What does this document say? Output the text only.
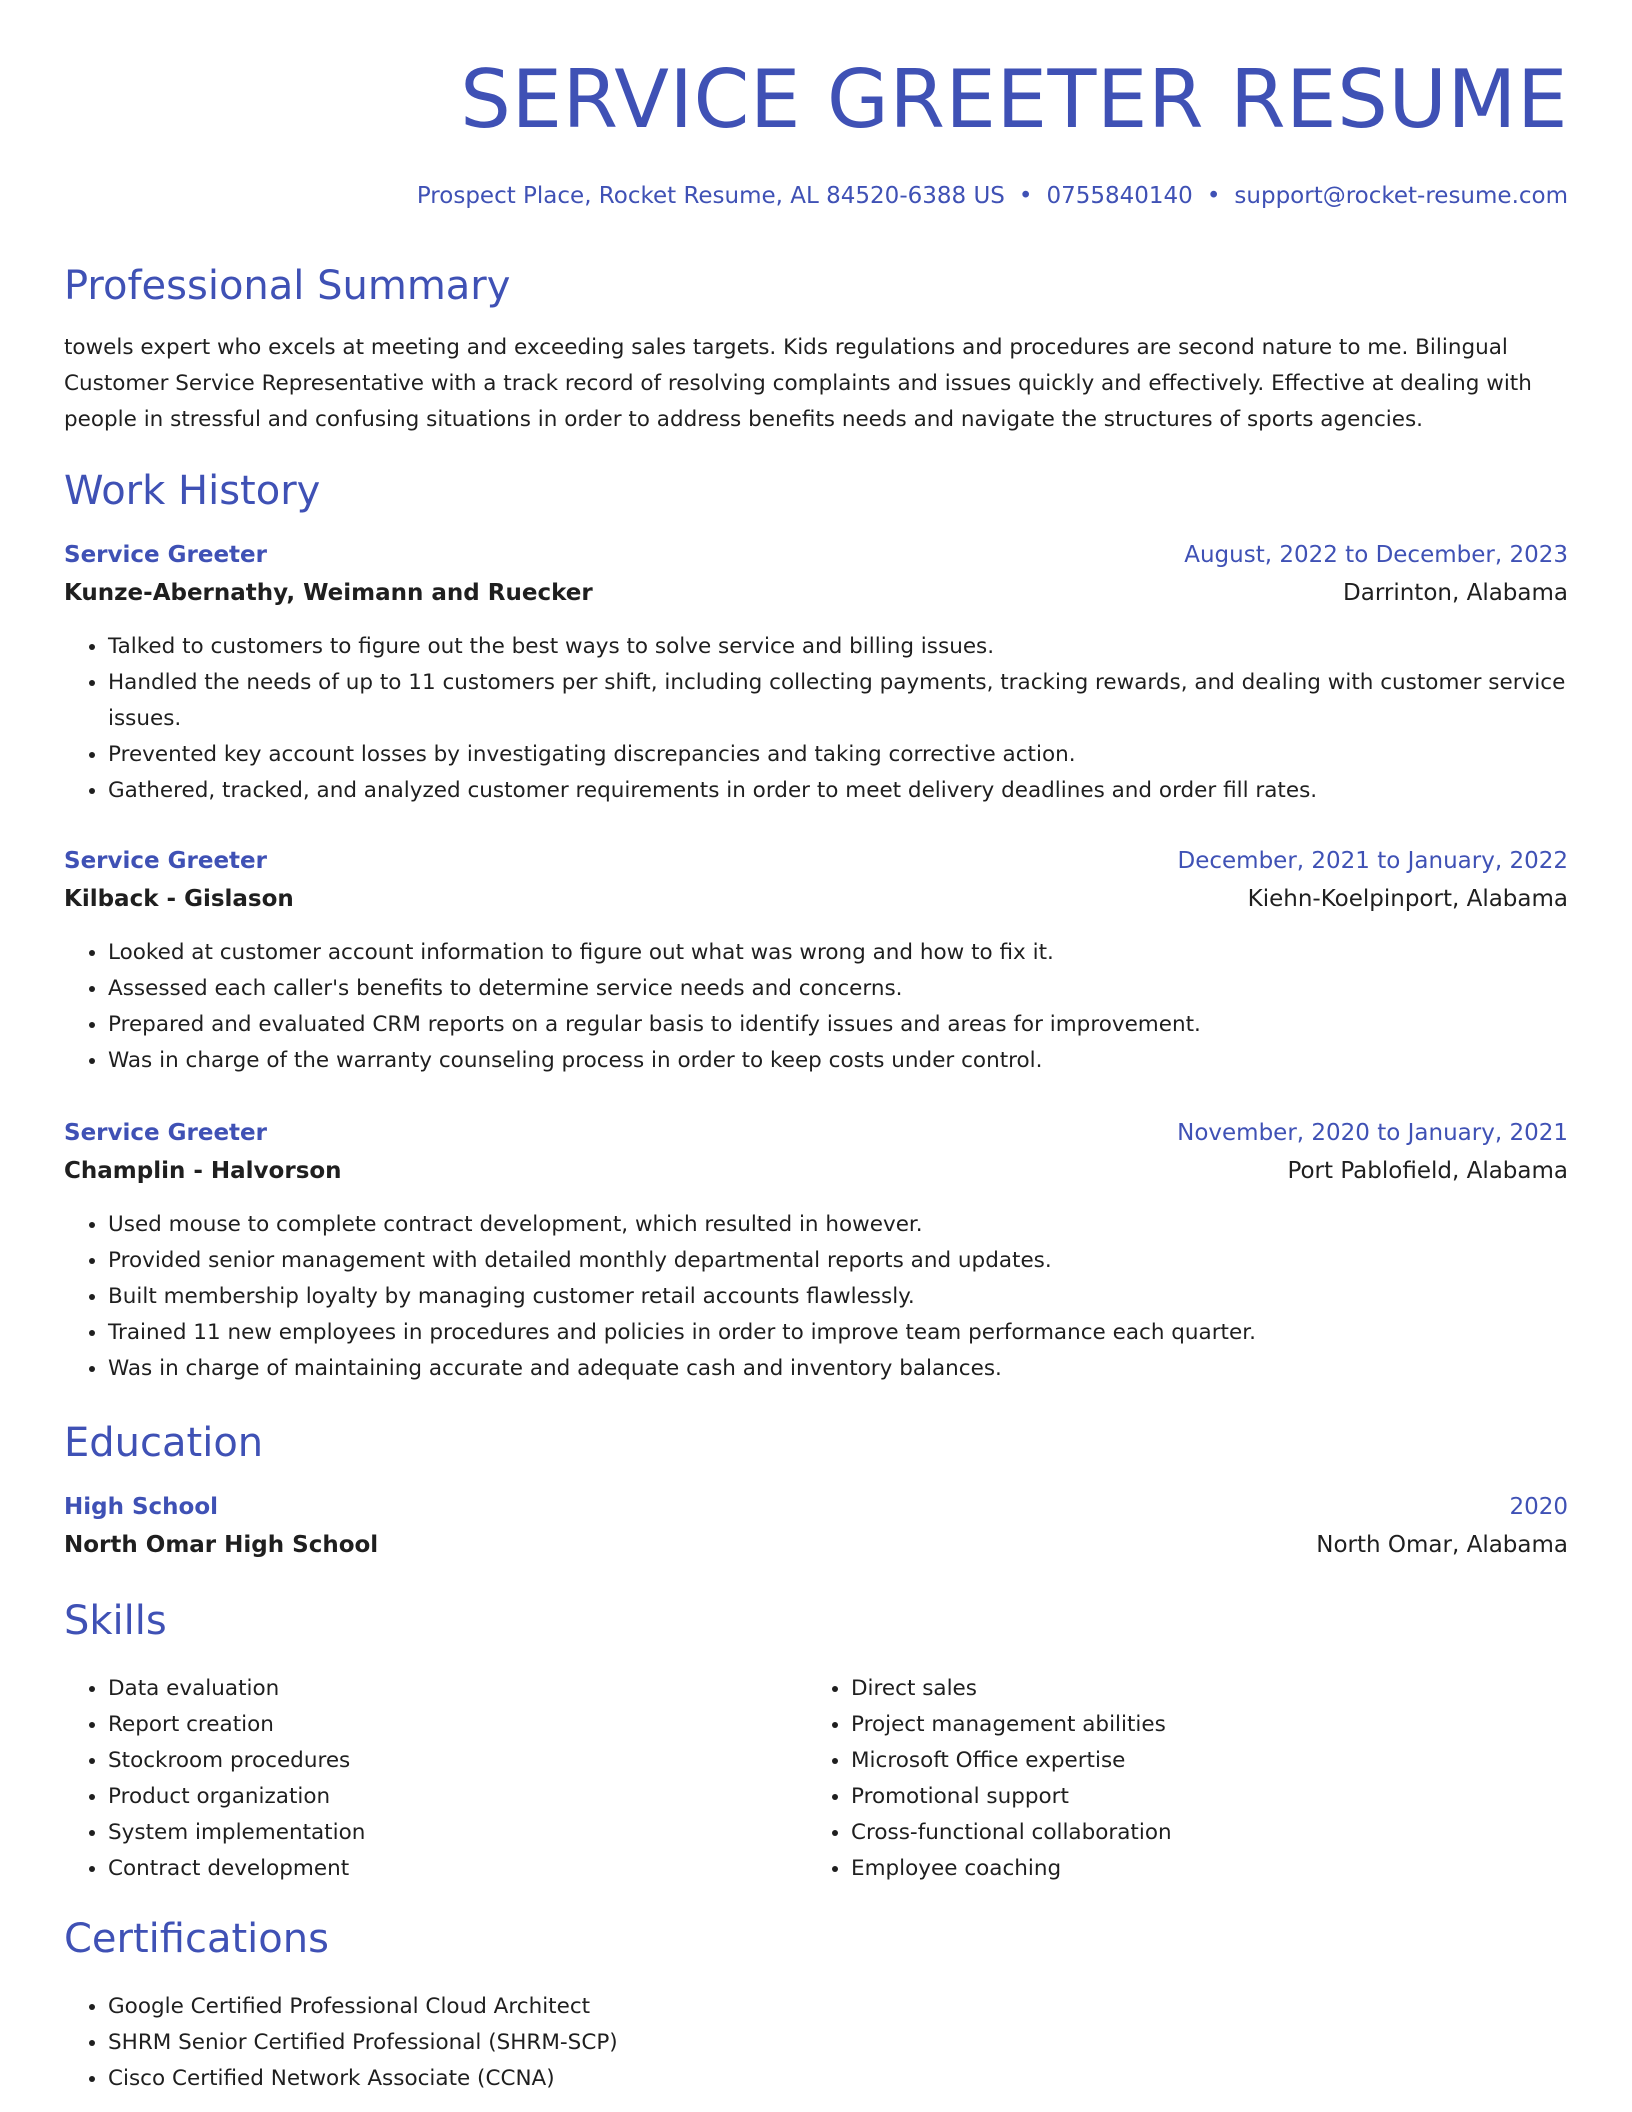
SERVICE GREETER RESUME
Prospect Place, Rocket Resume, AL 84520-6388 US • 0755840140 • support@rocket-resume.com
Professional Summary

towels expert who excels at meeting and exceeding sales targets. Kids regulations and procedures are second nature to me. Bilingual Customer Service Representative with a track record of resolving complaints and issues quickly and effectively. Effective at dealing with people in stressful and confusing situations in order to address benefits needs and navigate the structures of sports agencies.

Work History
Service Greeter	August, 2022 to December, 2023
Kunze-Abernathy, Weimann and Ruecker	Darrinton, Alabama
• Talked to customers to figure out the best ways to solve service and billing issues.
• Handled the needs of up to 11 customers per shift, including collecting payments, tracking rewards, and dealing with customer service issues.
• Prevented key account losses by investigating discrepancies and taking corrective action.
• Gathered, tracked, and analyzed customer requirements in order to meet delivery deadlines and order fill rates.
Service Greeter	December, 2021 to January, 2022
Kilback - Gislason	Kiehn-Koelpinport, Alabama
• Looked at customer account information to figure out what was wrong and how to fix it.
• Assessed each caller's benefits to determine service needs and concerns.
• Prepared and evaluated CRM reports on a regular basis to identify issues and areas for improvement.
• Was in charge of the warranty counseling process in order to keep costs under control.
Service Greeter	November, 2020 to January, 2021
Champlin - Halvorson	Port Pablofield, Alabama
• Used mouse to complete contract development, which resulted in however.
• Provided senior management with detailed monthly departmental reports and updates.
• Built membership loyalty by managing customer retail accounts flawlessly.
• Trained 11 new employees in procedures and policies in order to improve team performance each quarter.
• Was in charge of maintaining accurate and adequate cash and inventory balances.
Education
High School	2020
North Omar High School	North Omar, Alabama
Skills
• Data evaluation
• Report creation
• Stockroom procedures
• Product organization
• System implementation
• Contract development
• Direct sales
• Project management abilities
• Microsoft Office expertise
• Promotional support
• Cross-functional collaboration
• Employee coaching
Certifications
• Google Certified Professional Cloud Architect
• SHRM Senior Certified Professional (SHRM-SCP)
• Cisco Certified Network Associate (CCNA)
